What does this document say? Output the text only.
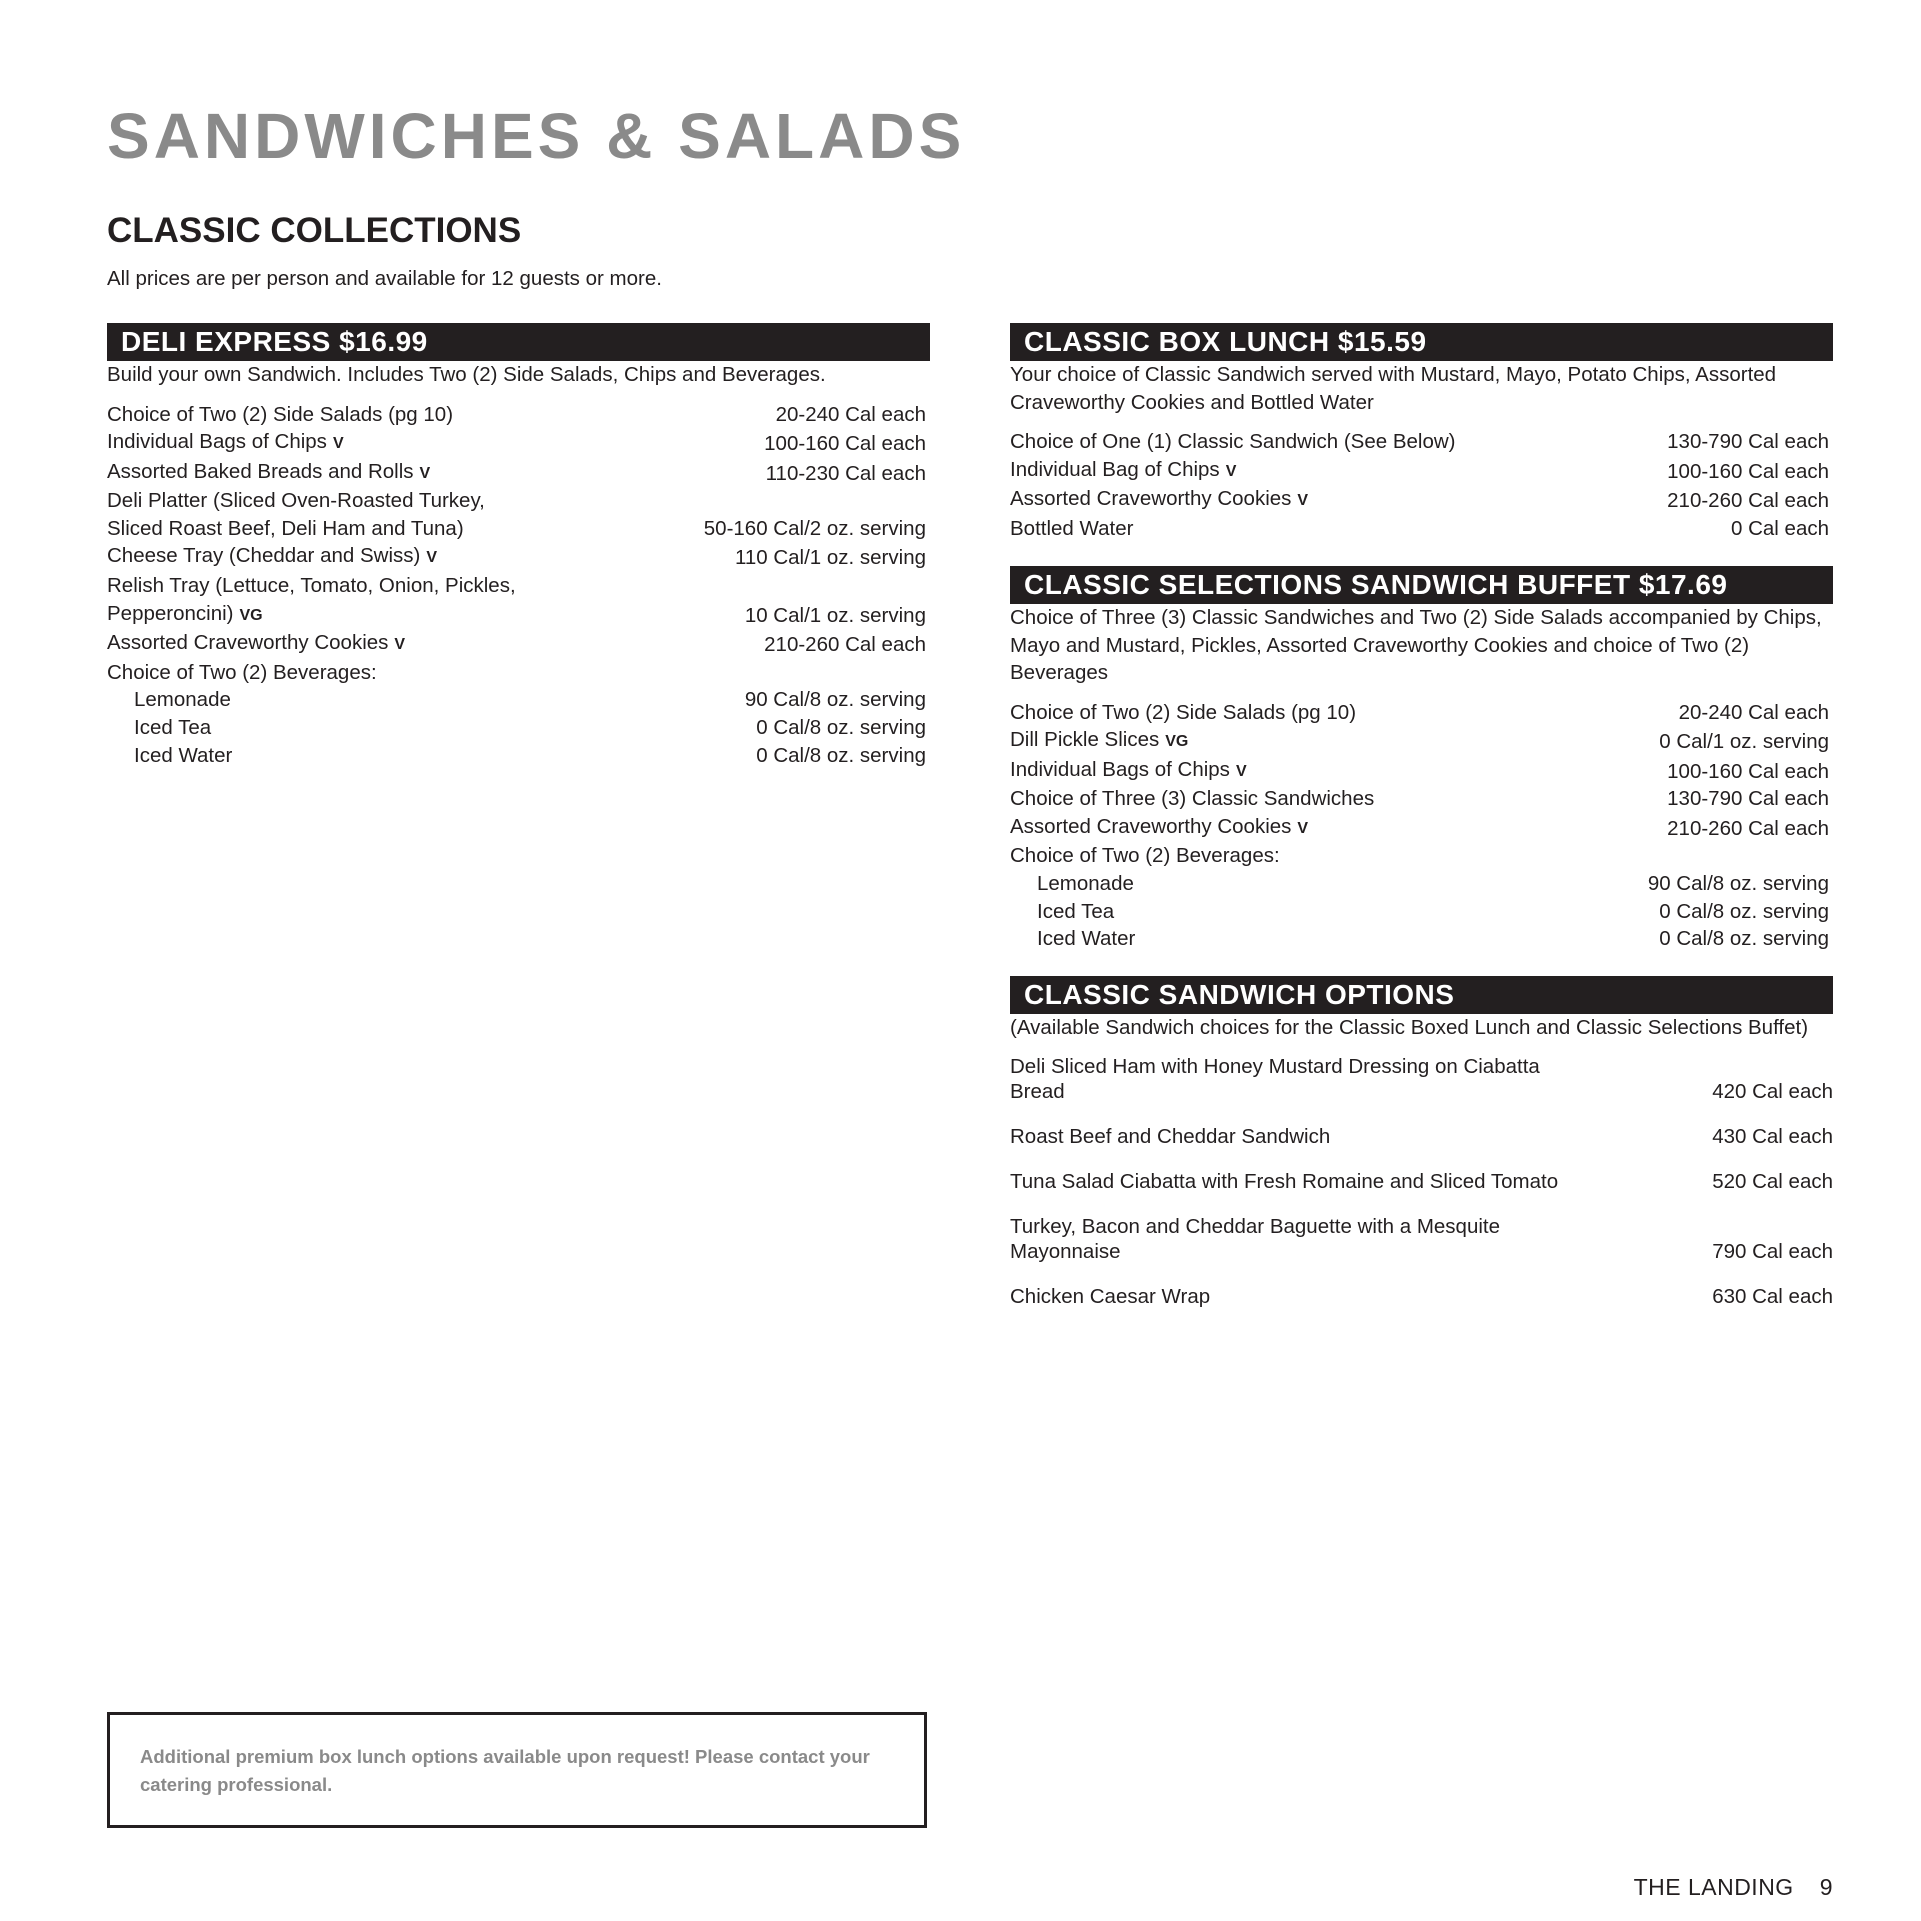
SANDWICHES & SALADS
CLASSIC COLLECTIONS

All prices are per person and available for 12 guests or more.

DELI EXPRESS $16.99
Build your own Sandwich. Includes Two (2) Side Salads, Chips and Beverages.
Choice of Two (2) Side Salads (pg 10)	20-240 Cal each
Individual Bags of Chips V	100-160 Cal each
Assorted Baked Breads and Rolls V	110-230 Cal each
Deli Platter (Sliced Oven-Roasted Turkey,
Sliced Roast Beef, Deli Ham and Tuna)	50-160 Cal/2 oz. serving
Cheese Tray (Cheddar and Swiss) V	110 Cal/1 oz. serving
Relish Tray (Lettuce, Tomato, Onion, Pickles,
Pepperoncini) VG	10 Cal/1 oz. serving
Assorted Craveworthy Cookies V	210-260 Cal each
Choice of Two (2) Beverages:
Lemonade	90 Cal/8 oz. serving
Iced Tea	0 Cal/8 oz. serving
Iced Water	0 Cal/8 oz. serving
CLASSIC BOX LUNCH $15.59
Your choice of Classic Sandwich served with Mustard, Mayo, Potato Chips, Assorted Craveworthy Cookies and Bottled Water
Choice of One (1) Classic Sandwich (See Below)	130-790 Cal each
Individual Bag of Chips V	100-160 Cal each
Assorted Craveworthy Cookies V	210-260 Cal each
Bottled Water	0 Cal each
CLASSIC SELECTIONS SANDWICH BUFFET $17.69
Choice of Three (3) Classic Sandwiches and Two (2) Side Salads accompanied by Chips, Mayo and Mustard, Pickles, Assorted Craveworthy Cookies and choice of Two (2) Beverages
Choice of Two (2) Side Salads (pg 10)	20-240 Cal each
Dill Pickle Slices VG	0 Cal/1 oz. serving
Individual Bags of Chips V	100-160 Cal each
Choice of Three (3) Classic Sandwiches	130-790 Cal each
Assorted Craveworthy Cookies V	210-260 Cal each
Choice of Two (2) Beverages:
Lemonade	90 Cal/8 oz. serving
Iced Tea	0 Cal/8 oz. serving
Iced Water	0 Cal/8 oz. serving
CLASSIC SANDWICH OPTIONS
(Available Sandwich choices for the Classic Boxed Lunch and Classic Selections Buffet)
Deli Sliced Ham with Honey Mustard Dressing on Ciabatta Bread	420 Cal each
Roast Beef and Cheddar Sandwich	430 Cal each
Tuna Salad Ciabatta with Fresh Romaine and Sliced Tomato	520 Cal each
Turkey, Bacon and Cheddar Baguette with a Mesquite Mayonnaise	790 Cal each
Chicken Caesar Wrap	630 Cal each
Additional premium box lunch options available upon request! Please contact your catering professional.
THE LANDING 9
